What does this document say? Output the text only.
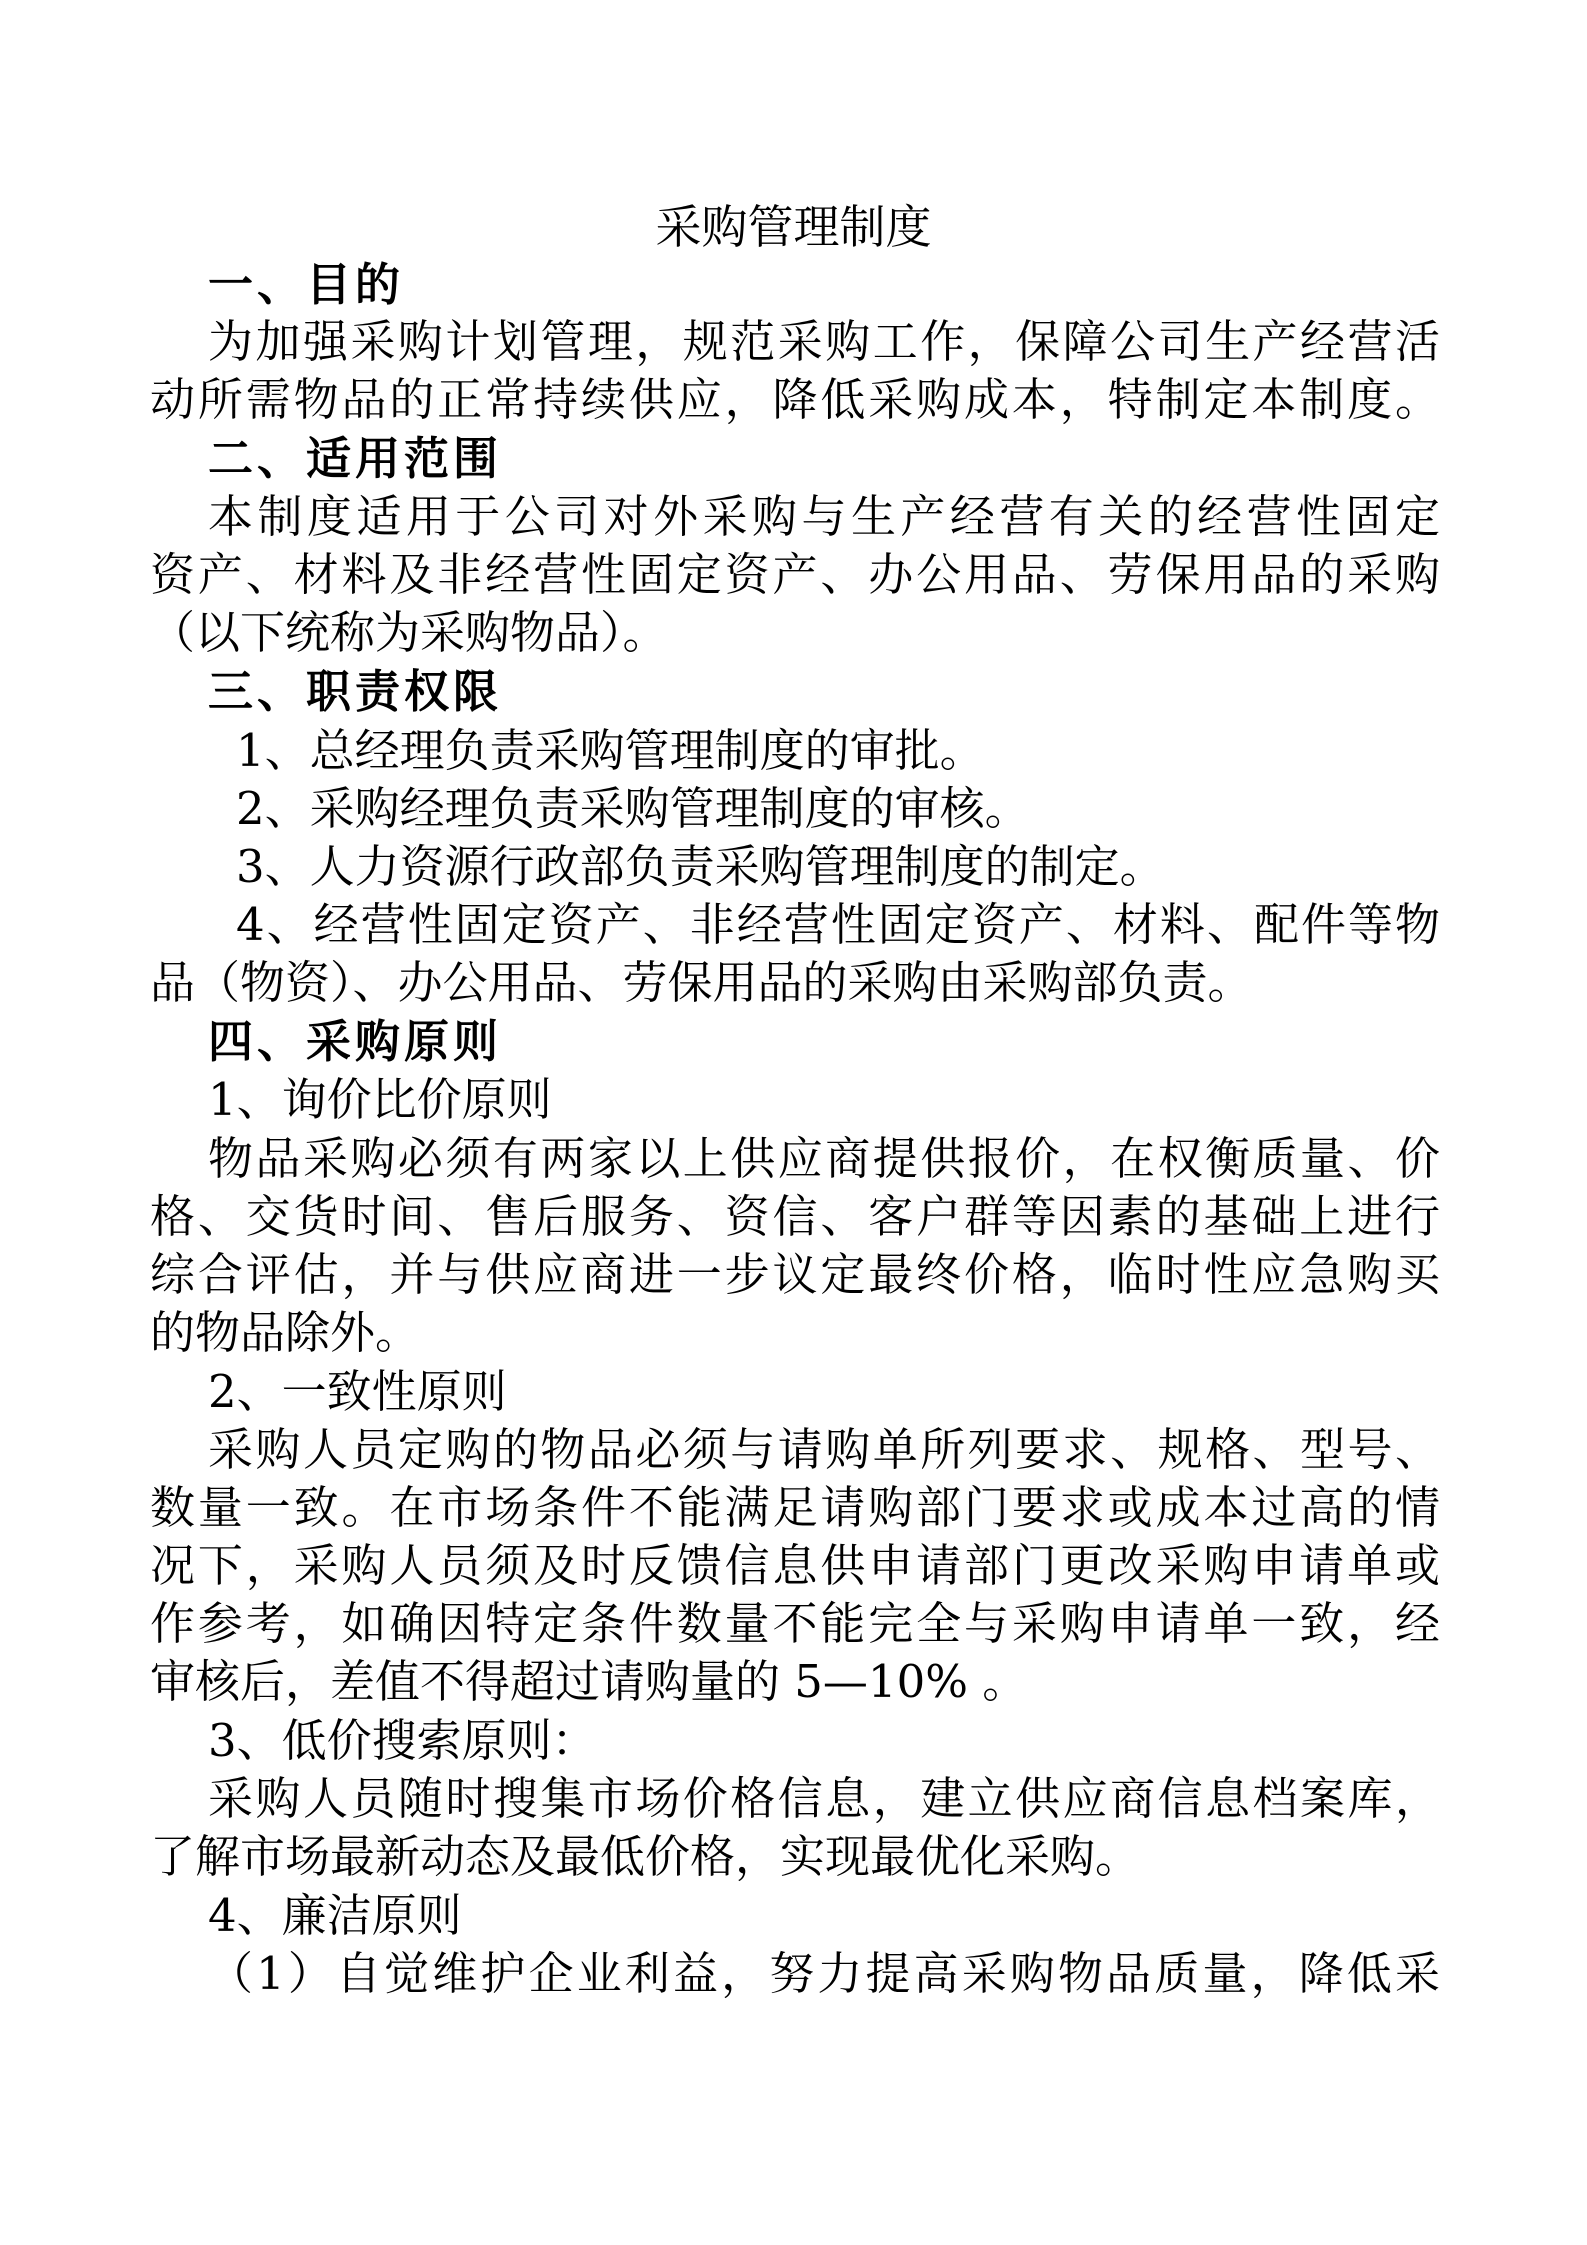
采购管理制度
一、目的
为加强采购计划管理，规范采购工作，保障公司生产经营活
动所需物品的正常持续供应，降低采购成本，特制定本制度。
二、适用范围
本制度适用于公司对外采购与生产经营有关的经营性固定
资产、材料及非经营性固定资产、办公用品、劳保用品的采购
（以下统称为采购物品）。
三、职责权限
1、总经理负责采购管理制度的审批。
2、采购经理负责采购管理制度的审核。
3、人力资源行政部负责采购管理制度的制定。
4、经营性固定资产、非经营性固定资产、材料、配件等物
品（物资）、办公用品、劳保用品的采购由采购部负责。
四、采购原则
1、询价比价原则
物品采购必须有两家以上供应商提供报价，在权衡质量、价
格、交货时间、售后服务、资信、客户群等因素的基础上进行
综合评估，并与供应商进一步议定最终价格，临时性应急购买
的物品除外。
2、一致性原则
采购人员定购的物品必须与请购单所列要求、规格、型号、
数量一致。在市场条件不能满足请购部门要求或成本过高的情
况下，采购人员须及时反馈信息供申请部门更改采购申请单或
作参考，如确因特定条件数量不能完全与采购申请单一致，经
审核后，差值不得超过请购量的 5—10% 。
3、低价搜索原则：
采购人员随时搜集市场价格信息，建立供应商信息档案库，
了解市场最新动态及最低价格，实现最优化采购。
4、廉洁原则
（1）自觉维护企业利益，努力提高采购物品质量，降低采
